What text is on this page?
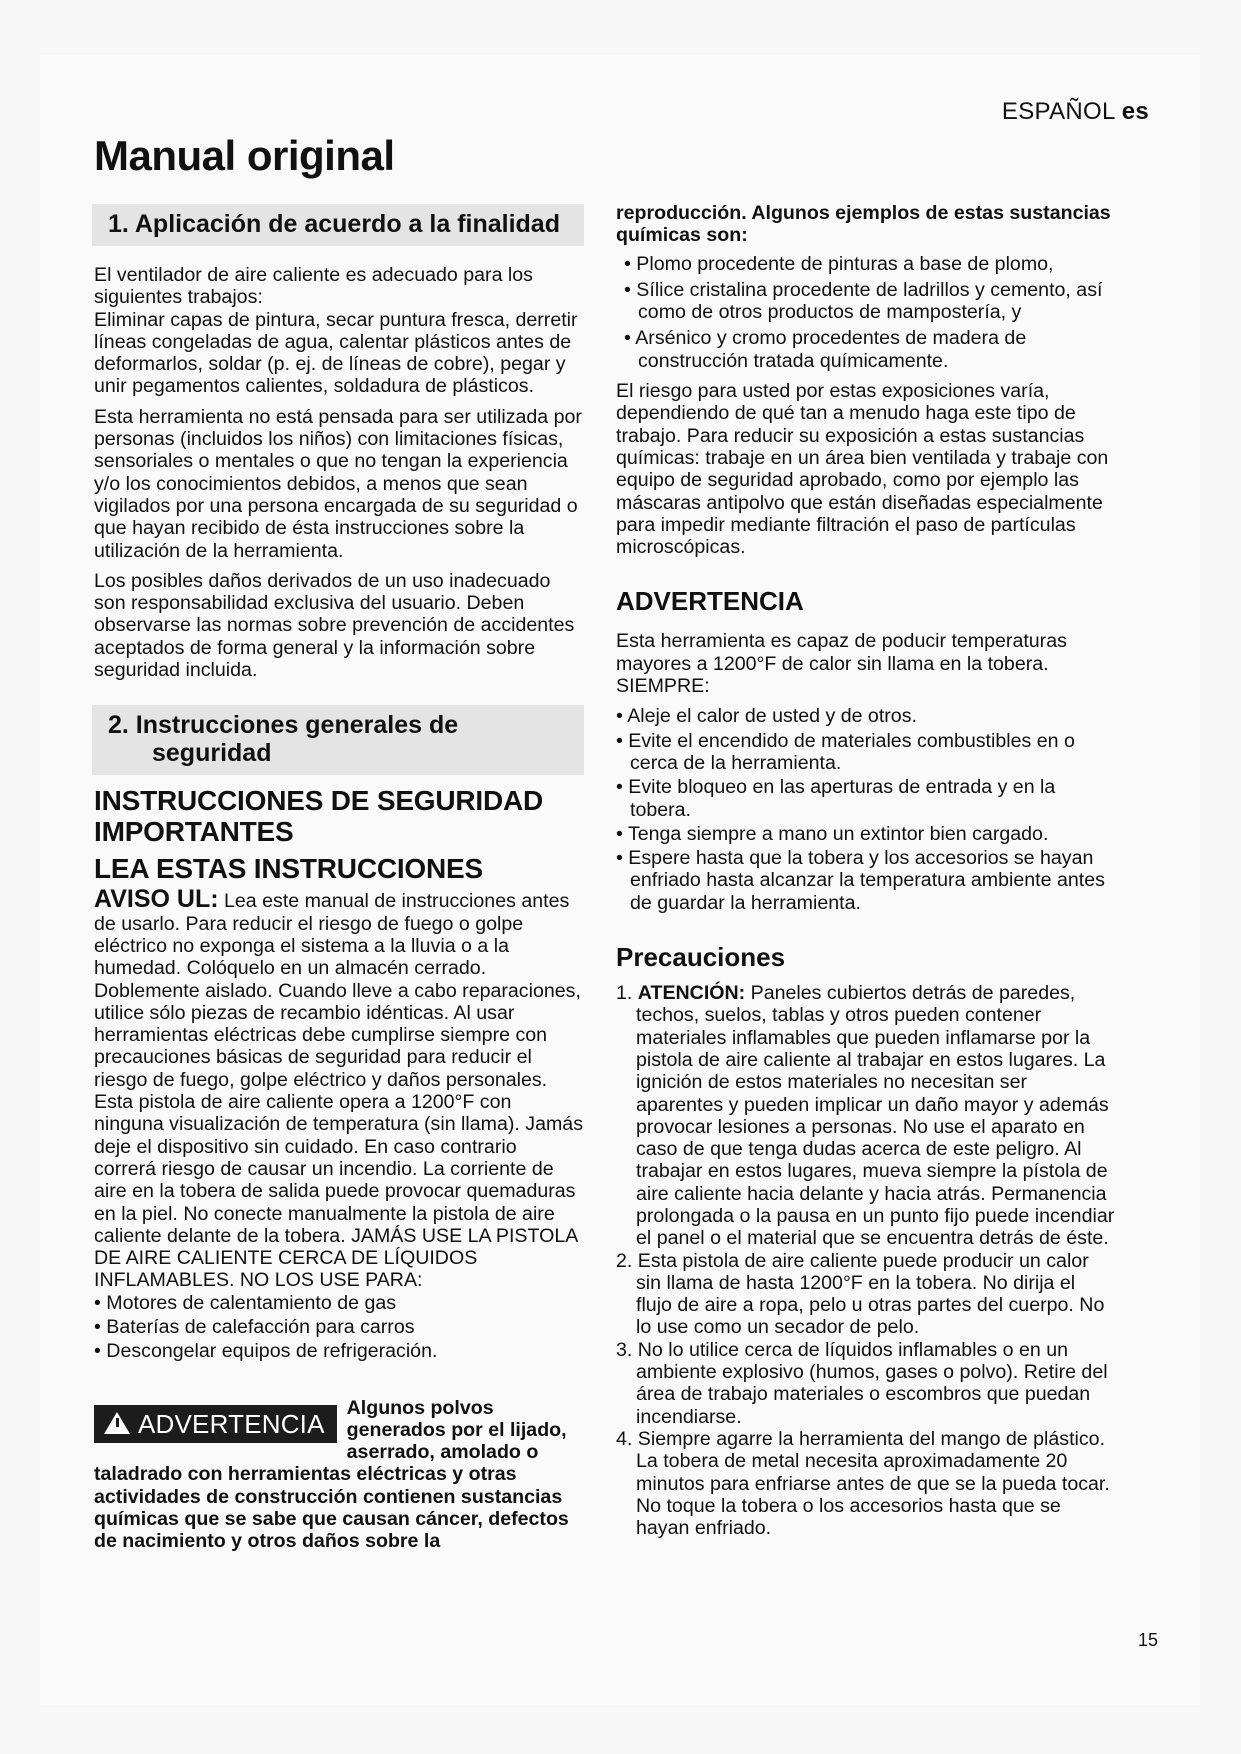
ESPAÑOL es
Manual original
1. Aplicación de acuerdo a la finalidad

El ventilador de aire caliente es adecuado para los siguientes trabajos:
Eliminar capas de pintura, secar puntura fresca, derretir líneas congeladas de agua, calentar plásticos antes de deformarlos, soldar (p. ej. de líneas de cobre), pegar y unir pegamentos calientes, soldadura de plásticos.

Esta herramienta no está pensada para ser utilizada por personas (incluidos los niños) con limitaciones físicas, sensoriales o mentales o que no tengan la experiencia y/o los conocimientos debidos, a menos que sean vigilados por una persona encargada de su seguridad o que hayan recibido de ésta instrucciones sobre la utilización de la herramienta.

Los posibles daños derivados de un uso inadecuado son responsabilidad exclusiva del usuario. Deben observarse las normas sobre prevención de accidentes aceptados de forma general y la información sobre seguridad incluida.

2. Instrucciones generales de seguridad
INSTRUCCIONES DE SEGURIDAD IMPORTANTES
LEA ESTAS INSTRUCCIONES

AVISO UL: Lea este manual de instrucciones antes de usarlo. Para reducir el riesgo de fuego o golpe eléctrico no exponga el sistema a la lluvia o a la humedad. Colóquelo en un almacén cerrado. Doblemente aislado. Cuando lleve a cabo reparaciones, utilice sólo piezas de recambio idénticas. Al usar herramientas eléctricas debe cumplirse siempre con precauciones básicas de seguridad para reducir el riesgo de fuego, golpe eléctrico y daños personales. Esta pistola de aire caliente opera a 1200°F con ninguna visualización de temperatura (sin llama). Jamás deje el dispositivo sin cuidado. En caso contrario correrá riesgo de causar un incendio. La corriente de aire en la tobera de salida puede provocar quemaduras en la piel. No conecte manualmente la pistola de aire caliente delante de la tobera. JAMÁS USE LA PISTOLA DE AIRE CALIENTE CERCA DE LÍQUIDOS INFLAMABLES. NO LOS USE PARA:

• Motores de calentamiento de gas
• Baterías de calefacción para carros
• Descongelar equipos de refrigeración.
ADVERTENCIA
Algunos polvos generados por el lijado, aserrado, amolado o taladrado con herramientas eléctricas y otras actividades de construcción contienen sustancias químicas que se sabe que causan cáncer, defectos de nacimiento y otros daños sobre la

reproducción. Algunos ejemplos de estas sustancias químicas son:

• Plomo procedente de pinturas a base de plomo,
• Sílice cristalina procedente de ladrillos y cemento, así como de otros productos de mampostería, y
• Arsénico y cromo procedentes de madera de construcción tratada químicamente.

El riesgo para usted por estas exposiciones varía, dependiendo de qué tan a menudo haga este tipo de trabajo. Para reducir su exposición a estas sustancias químicas: trabaje en un área bien ventilada y trabaje con equipo de seguridad aprobado, como por ejemplo las máscaras antipolvo que están diseñadas especialmente para impedir mediante filtración el paso de partículas microscópicas.

ADVERTENCIA

Esta herramienta es capaz de poducir temperaturas mayores a 1200°F de calor sin llama en la tobera. SIEMPRE:

• Aleje el calor de usted y de otros.
• Evite el encendido de materiales combustibles en o cerca de la herramienta.
• Evite bloqueo en las aperturas de entrada y en la tobera.
• Tenga siempre a mano un extintor bien cargado.
• Espere hasta que la tobera y los accesorios se hayan enfriado hasta alcanzar la temperatura ambiente antes de guardar la herramienta.
Precauciones
1. ATENCIÓN: Paneles cubiertos detrás de paredes, techos, suelos, tablas y otros pueden contener materiales inflamables que pueden inflamarse por la pistola de aire caliente al trabajar en estos lugares. La ignición de estos materiales no necesitan ser aparentes y pueden implicar un daño mayor y además provocar lesiones a personas. No use el aparato en caso de que tenga dudas acerca de este peligro. Al trabajar en estos lugares, mueva siempre la pístola de aire caliente hacia delante y hacia atrás. Permanencia prolongada o la pausa en un punto fijo puede incendiar el panel o el material que se encuentra detrás de éste.
2. Esta pistola de aire caliente puede producir un calor sin llama de hasta 1200°F en la tobera. No dirija el flujo de aire a ropa, pelo u otras partes del cuerpo. No lo use como un secador de pelo.
3. No lo utilice cerca de líquidos inflamables o en un ambiente explosivo (humos, gases o polvo). Retire del área de trabajo materiales o escombros que puedan incendiarse.
4. Siempre agarre la herramienta del mango de plástico. La tobera de metal necesita aproximadamente 20 minutos para enfriarse antes de que se la pueda tocar. No toque la tobera o los accesorios hasta que se hayan enfriado.
15
